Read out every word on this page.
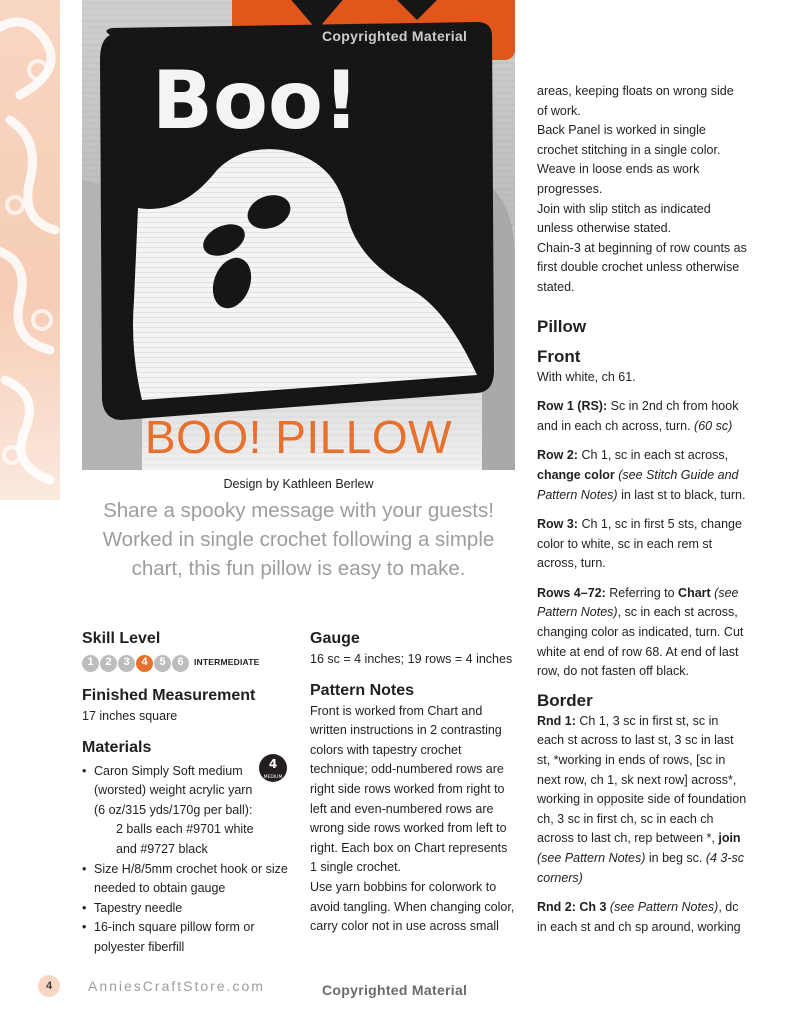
Boo!
Copyrighted Material
BOO! PILLOW
Design by Kathleen Berlew
Share a spooky message with your guests! Worked in single crochet following a simple chart, this fun pillow is easy to make.

Skill Level

1	2	3	4	5	6	INTERMEDIATE

Finished Measurement

17 inches square

Materials

4
MEDIUM
• Caron Simply Soft medium (worsted) weight acrylic yarn (6 oz/315 yds/170g per ball):
2 balls each #9701 white and #9727 black
• Size H/8/5mm crochet hook or size needed to obtain gauge
• Tapestry needle
• 16-inch square pillow form or polyester fiberfill

Gauge

16 sc = 4 inches; 19 rows = 4 inches

Pattern Notes

Front is worked from Chart and written instructions in 2 contrasting colors with tapestry crochet technique; odd-numbered rows are right side rows worked from right to left and even-numbered rows are wrong side rows worked from left to right. Each box on Chart represents 1 single crochet.

Use yarn bobbins for colorwork to avoid tangling. When changing color, carry color not in use across small

areas, keeping floats on wrong side of work.

Back Panel is worked in single crochet stitching in a single color. Weave in loose ends as work progresses.

Join with slip stitch as indicated unless otherwise stated.

Chain-3 at beginning of row counts as first double crochet unless otherwise stated.

Pillow

Front

With white, ch 61.

Row 1 (RS): Sc in 2nd ch from hook and in each ch across, turn. (60 sc)

Row 2: Ch 1, sc in each st across, change color (see Stitch Guide and Pattern Notes) in last st to black, turn.

Row 3: Ch 1, sc in first 5 sts, change color to white, sc in each rem st across, turn.

Rows 4–72: Referring to Chart (see Pattern Notes), sc in each st across, changing color as indicated, turn. Cut white at end of row 68. At end of last row, do not fasten off black.

Border

Rnd 1: Ch 1, 3 sc in first st, sc in each st across to last st, 3 sc in last st, *working in ends of rows, [sc in next row, ch 1, sk next row] across*, working in opposite side of foundation ch, 3 sc in first ch, sc in each ch across to last ch, rep between *, join (see Pattern Notes) in beg sc. (4 3-sc corners)

Rnd 2: Ch 3 (see Pattern Notes), dc in each st and ch sp around, working

4	AnniesCraftStore.com	Copyrighted Material
